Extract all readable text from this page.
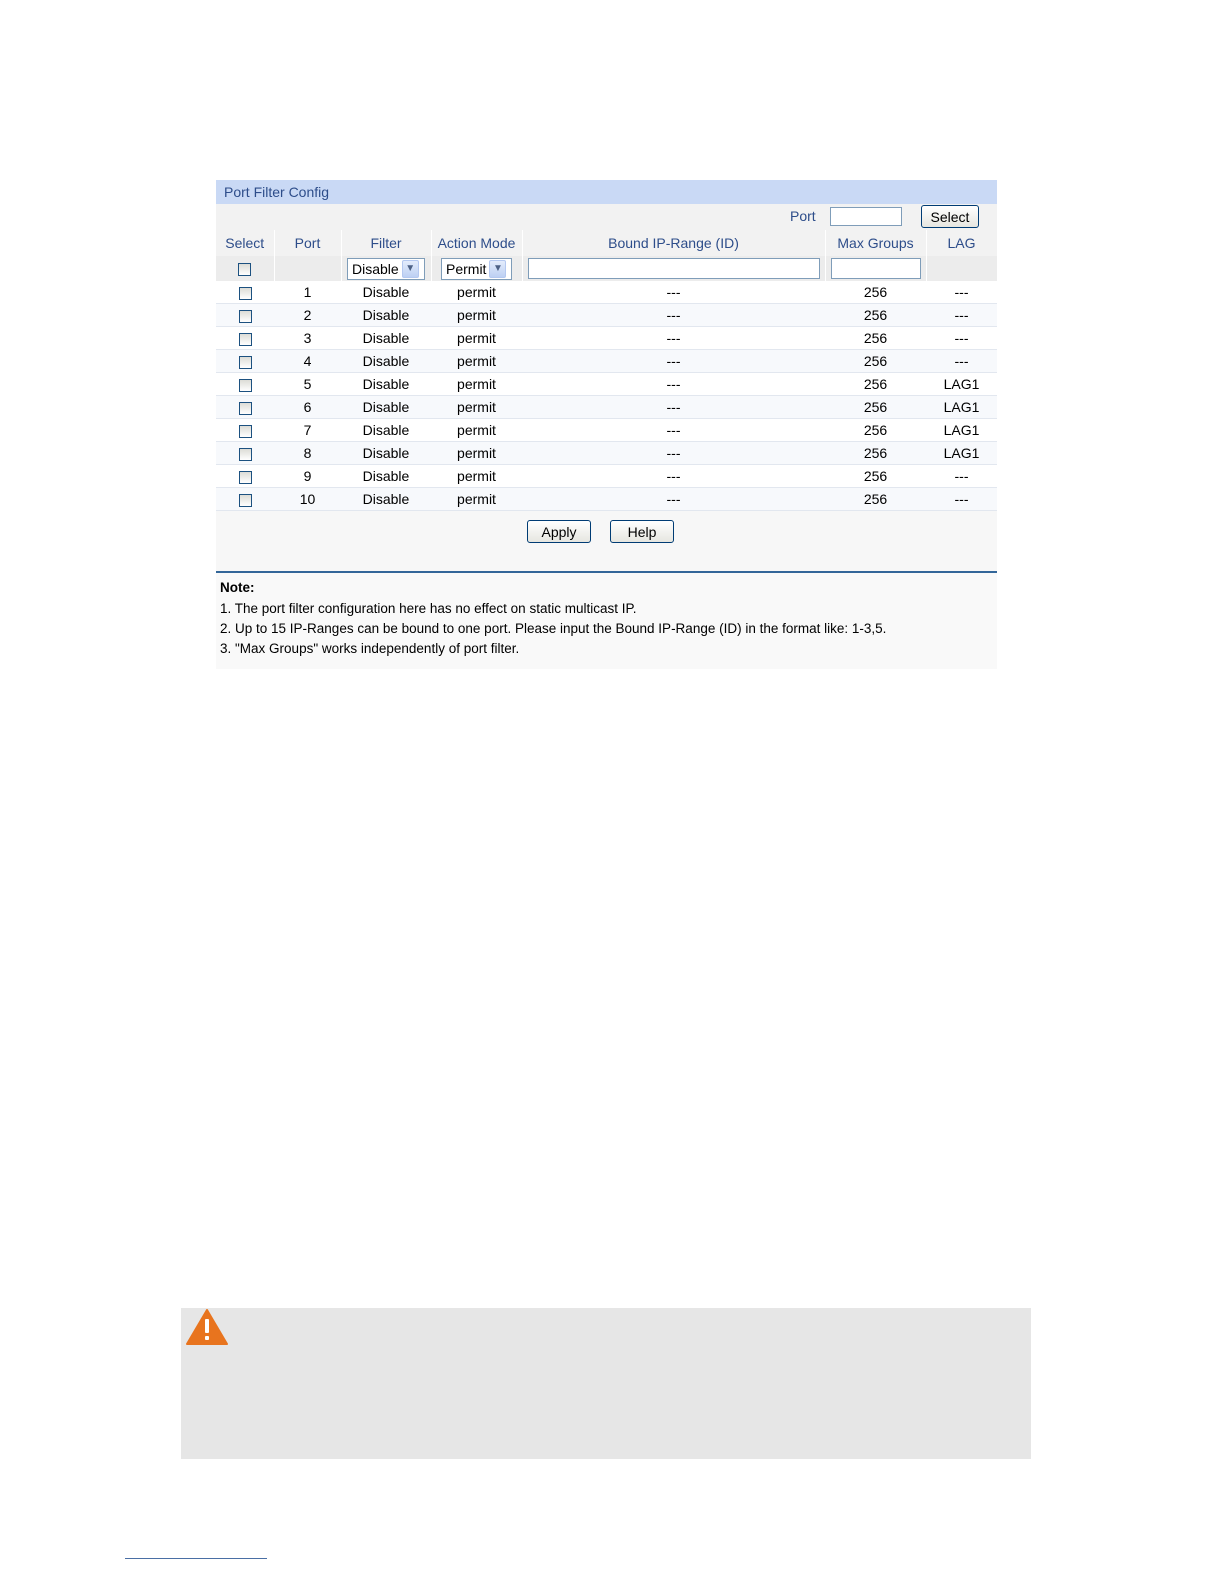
Port Filter Config
Port	Select
Select	Port	Filter	Action Mode	Bound IP-Range (ID)	Max Groups	LAG

		Disable ▼	Permit ▼			

	1	Disable	permit	---	256	---
	2	Disable	permit	---	256	---
	3	Disable	permit	---	256	---
	4	Disable	permit	---	256	---
	5	Disable	permit	---	256	LAG1
	6	Disable	permit	---	256	LAG1
	7	Disable	permit	---	256	LAG1
	8	Disable	permit	---	256	LAG1
	9	Disable	permit	---	256	---
	10	Disable	permit	---	256	---
Apply	Help
Note:
1. The port filter configuration here has no effect on static multicast IP.
2. Up to 15 IP-Ranges can be bound to one port. Please input the Bound IP-Range (ID) in the format like: 1-3,5.
3. "Max Groups" works independently of port filter.
